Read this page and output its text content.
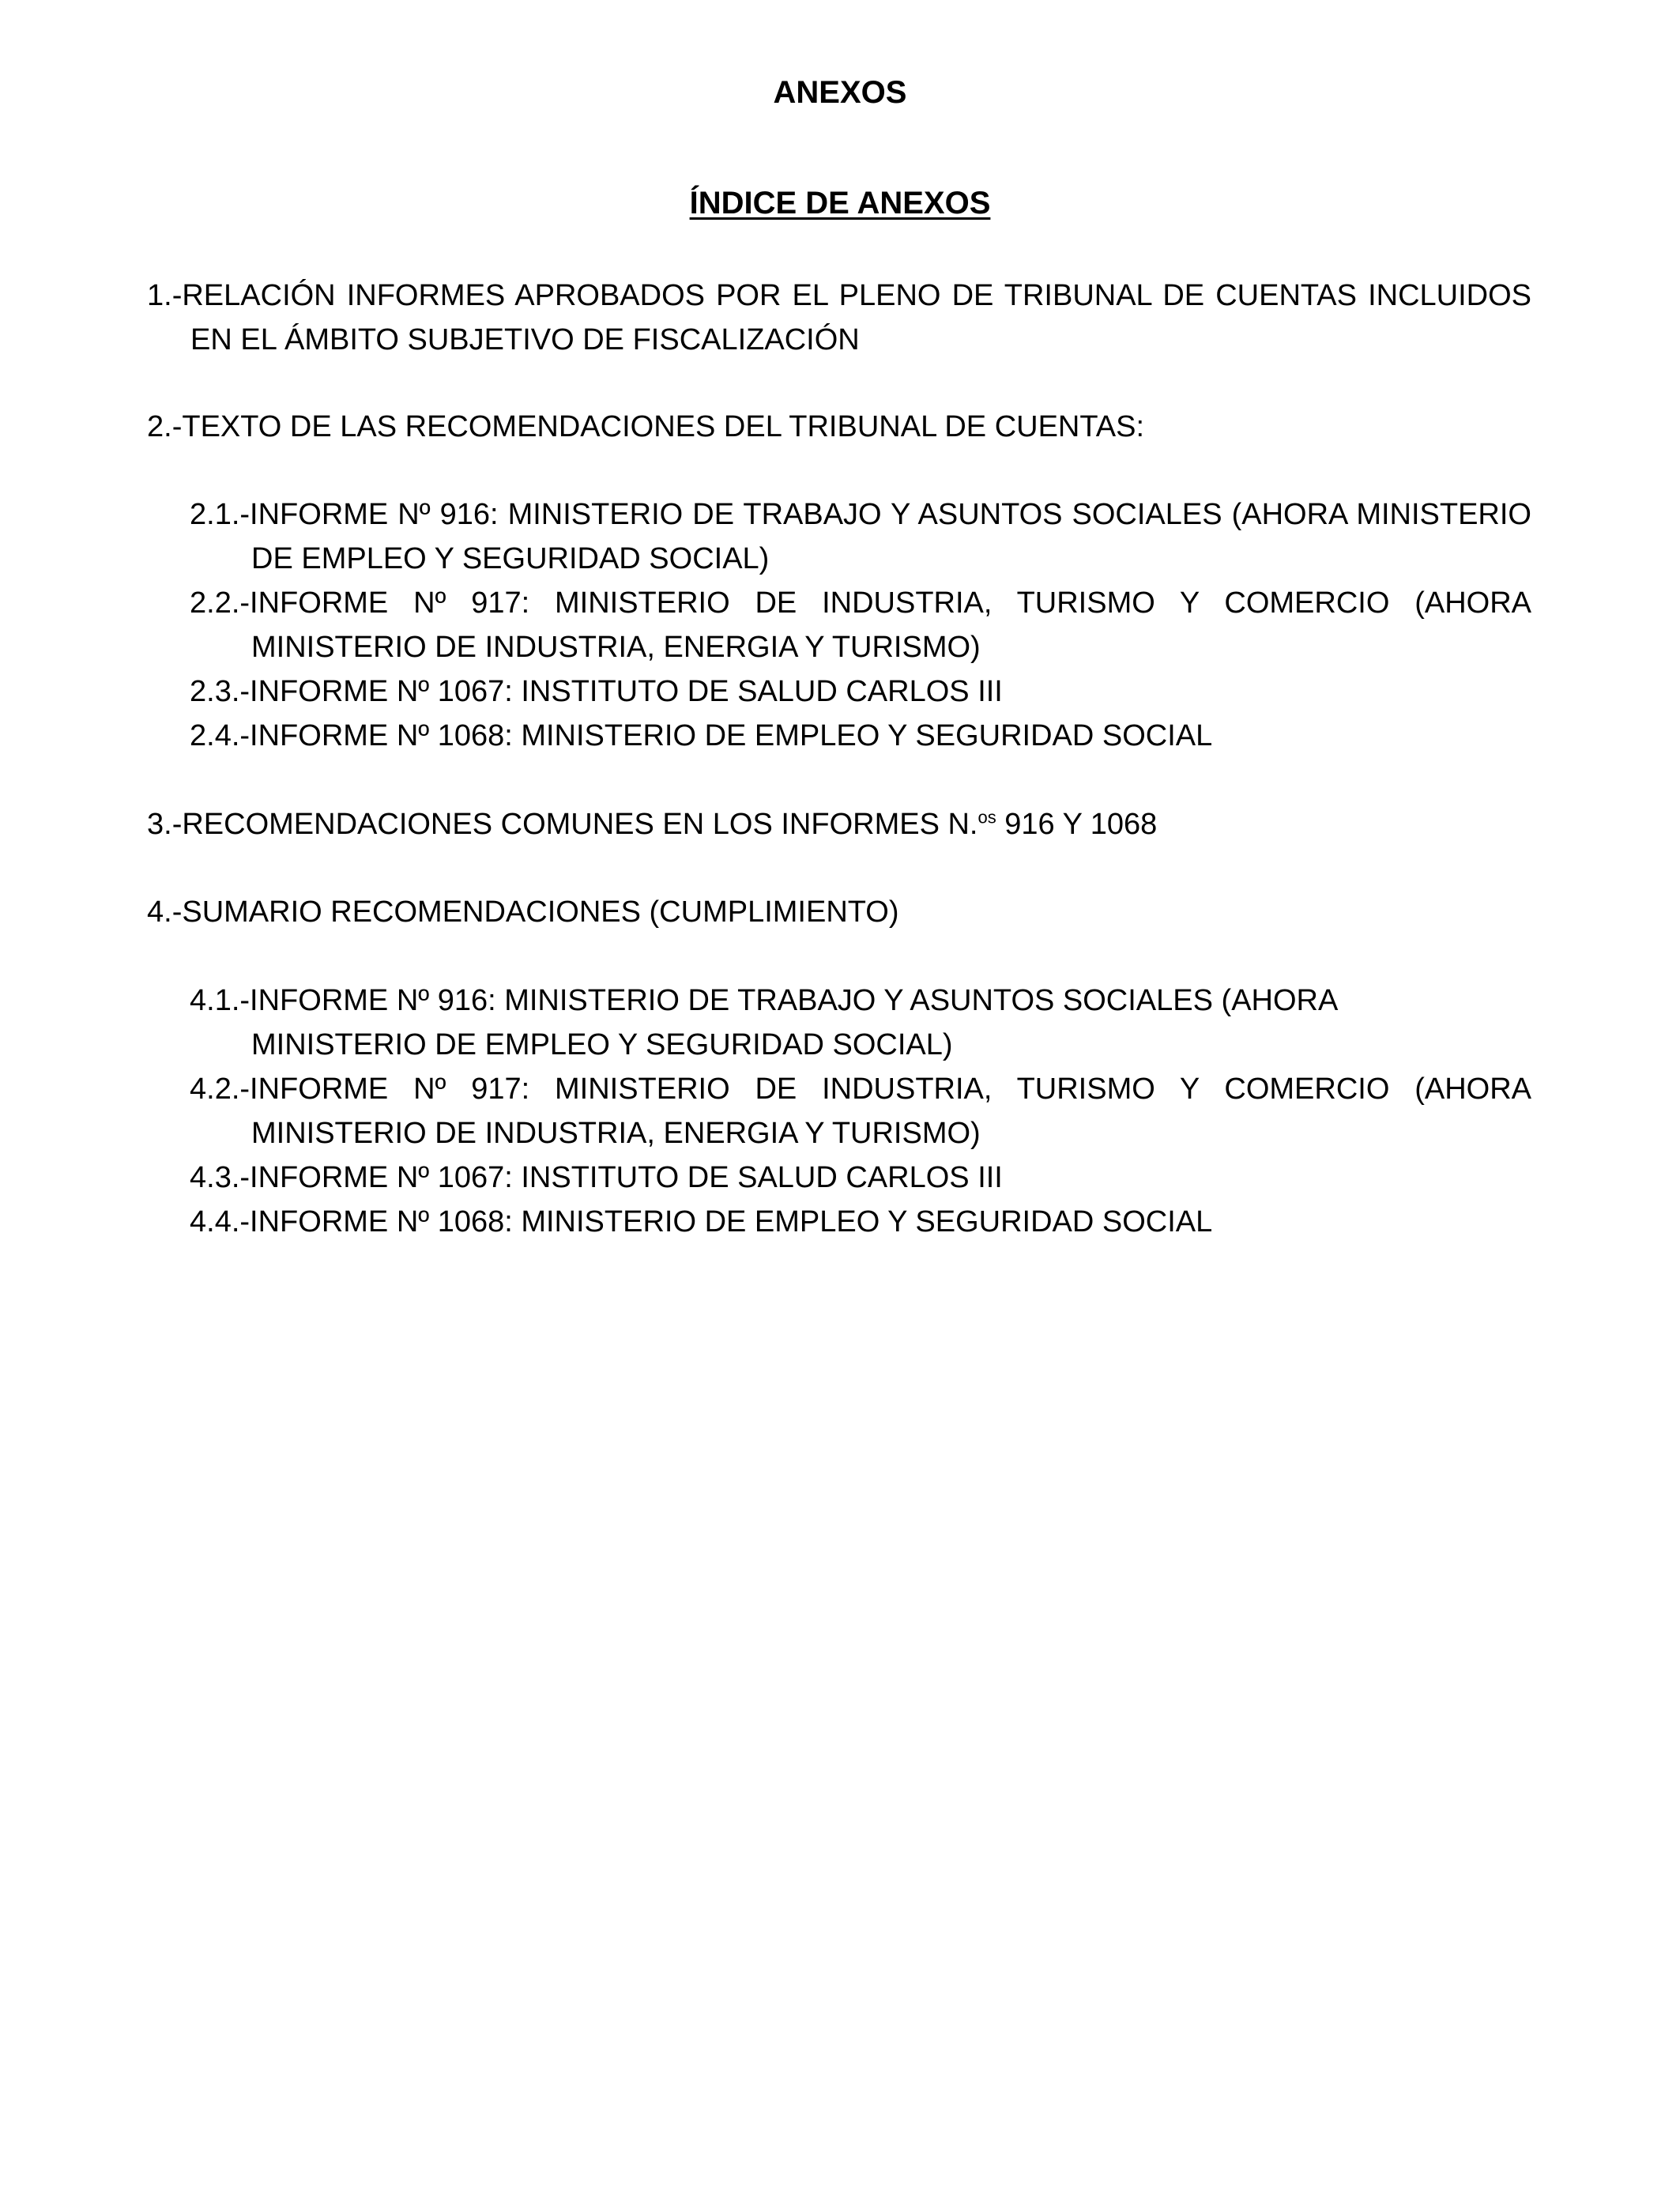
ANEXOS
ÍNDICE DE ANEXOS

1.-RELACIÓN INFORMES APROBADOS POR EL PLENO DE TRIBUNAL DE CUENTAS INCLUIDOS EN EL ÁMBITO SUBJETIVO DE FISCALIZACIÓN

2.-TEXTO DE LAS RECOMENDACIONES DEL TRIBUNAL DE CUENTAS:

2.1.-INFORME Nº 916: MINISTERIO DE TRABAJO Y ASUNTOS SOCIALES (AHORA MINISTERIO DE EMPLEO Y SEGURIDAD SOCIAL)

2.2.-INFORME Nº 917: MINISTERIO DE INDUSTRIA, TURISMO Y COMERCIO (AHORA MINISTERIO DE INDUSTRIA, ENERGIA Y TURISMO)

2.3.-INFORME Nº 1067: INSTITUTO DE SALUD CARLOS III

2.4.-INFORME Nº 1068: MINISTERIO DE EMPLEO Y SEGURIDAD SOCIAL

3.-RECOMENDACIONES COMUNES EN LOS INFORMES N.$^{os}$ 916 Y 1068

4.-SUMARIO RECOMENDACIONES (CUMPLIMIENTO)

4.1.-INFORME Nº 916: MINISTERIO DE TRABAJO Y ASUNTOS SOCIALES (AHORA MINISTERIO DE EMPLEO Y SEGURIDAD SOCIAL)

4.2.-INFORME Nº 917: MINISTERIO DE INDUSTRIA, TURISMO Y COMERCIO (AHORA MINISTERIO DE INDUSTRIA, ENERGIA Y TURISMO)

4.3.-INFORME Nº 1067: INSTITUTO DE SALUD CARLOS III

4.4.-INFORME Nº 1068: MINISTERIO DE EMPLEO Y SEGURIDAD SOCIAL
